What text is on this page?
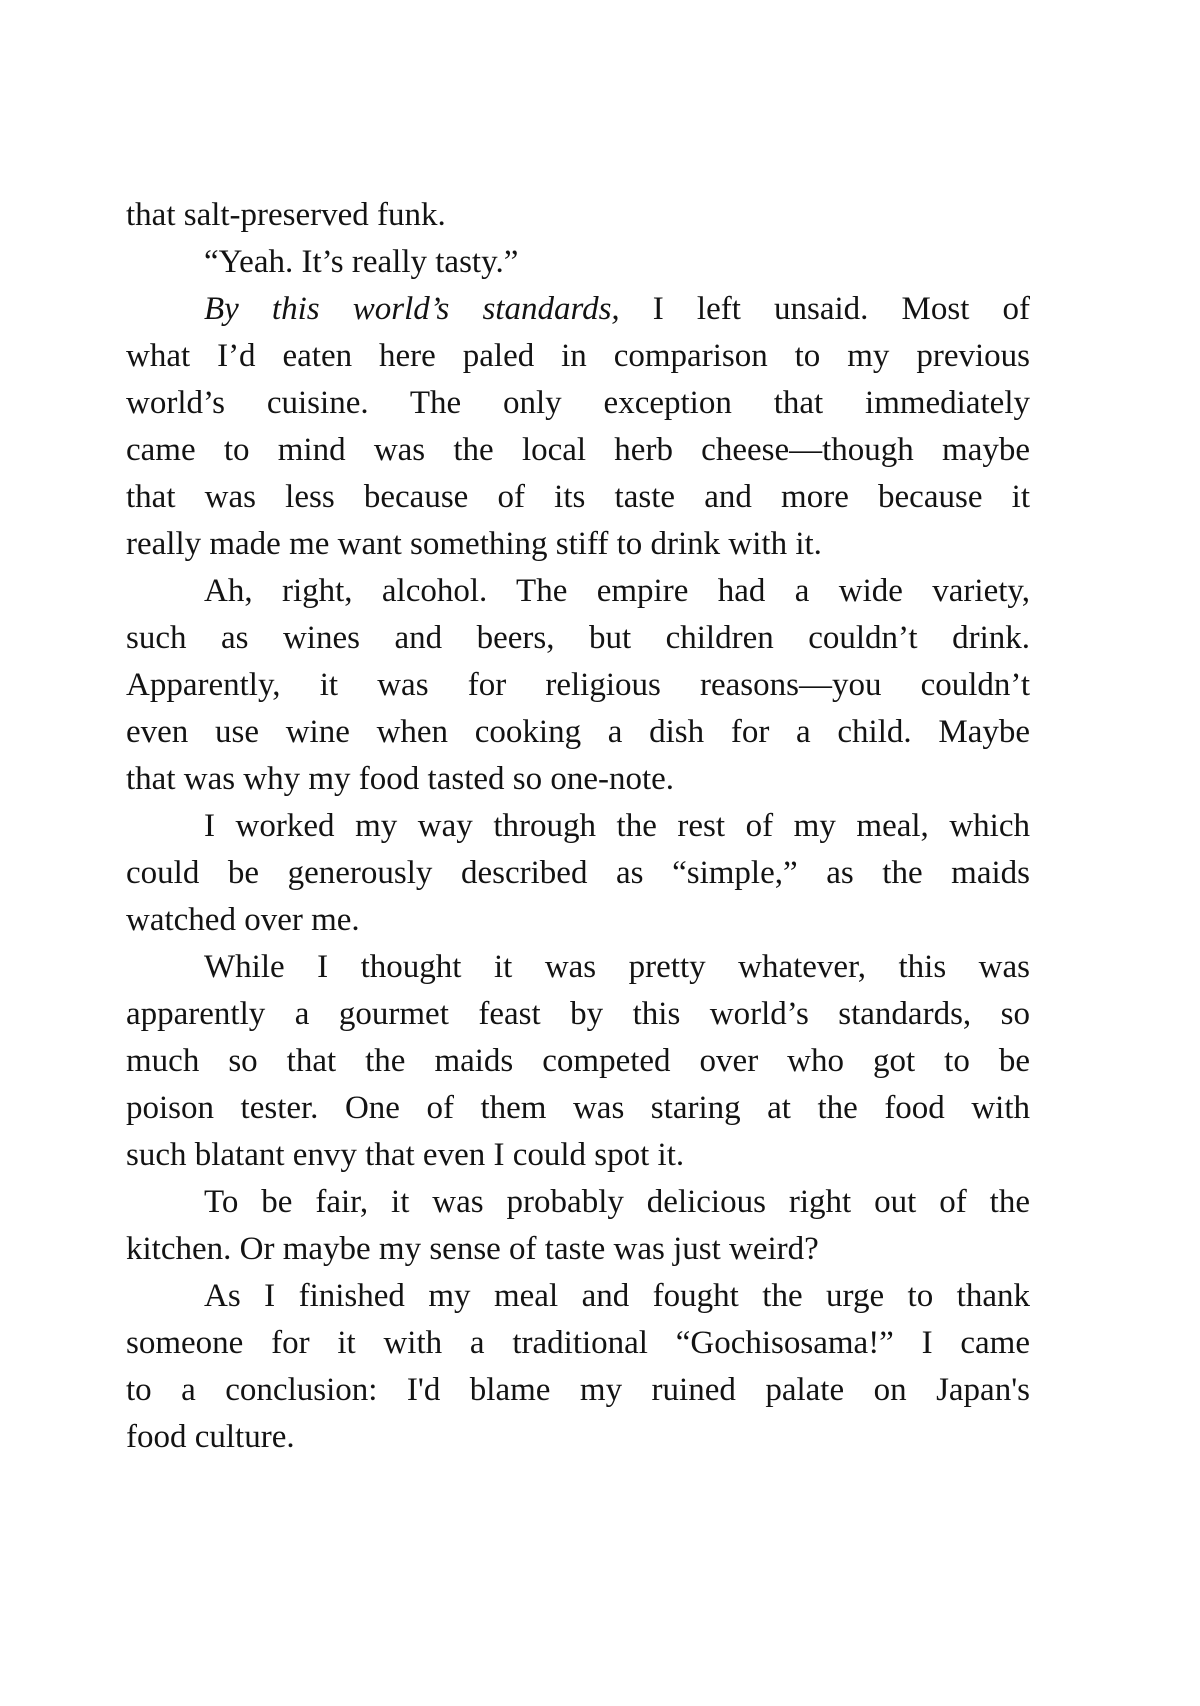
that salt-preserved funk.
“Yeah. It’s really tasty.”
By this world’s standards, I left unsaid. Most of
what I’d eaten here paled in comparison to my previous
world’s cuisine. The only exception that immediately
came to mind was the local herb cheese—though maybe
that was less because of its taste and more because it
really made me want something stiff to drink with it.
Ah, right, alcohol. The empire had a wide variety,
such as wines and beers, but children couldn’t drink.
Apparently, it was for religious reasons—you couldn’t
even use wine when cooking a dish for a child. Maybe
that was why my food tasted so one-note.
I worked my way through the rest of my meal, which
could be generously described as “simple,” as the maids
watched over me.
While I thought it was pretty whatever, this was
apparently a gourmet feast by this world’s standards, so
much so that the maids competed over who got to be
poison tester. One of them was staring at the food with
such blatant envy that even I could spot it.
To be fair, it was probably delicious right out of the
kitchen. Or maybe my sense of taste was just weird?
As I finished my meal and fought the urge to thank
someone for it with a traditional “Gochisosama!” I came
to a conclusion: I'd blame my ruined palate on Japan's
food culture.
